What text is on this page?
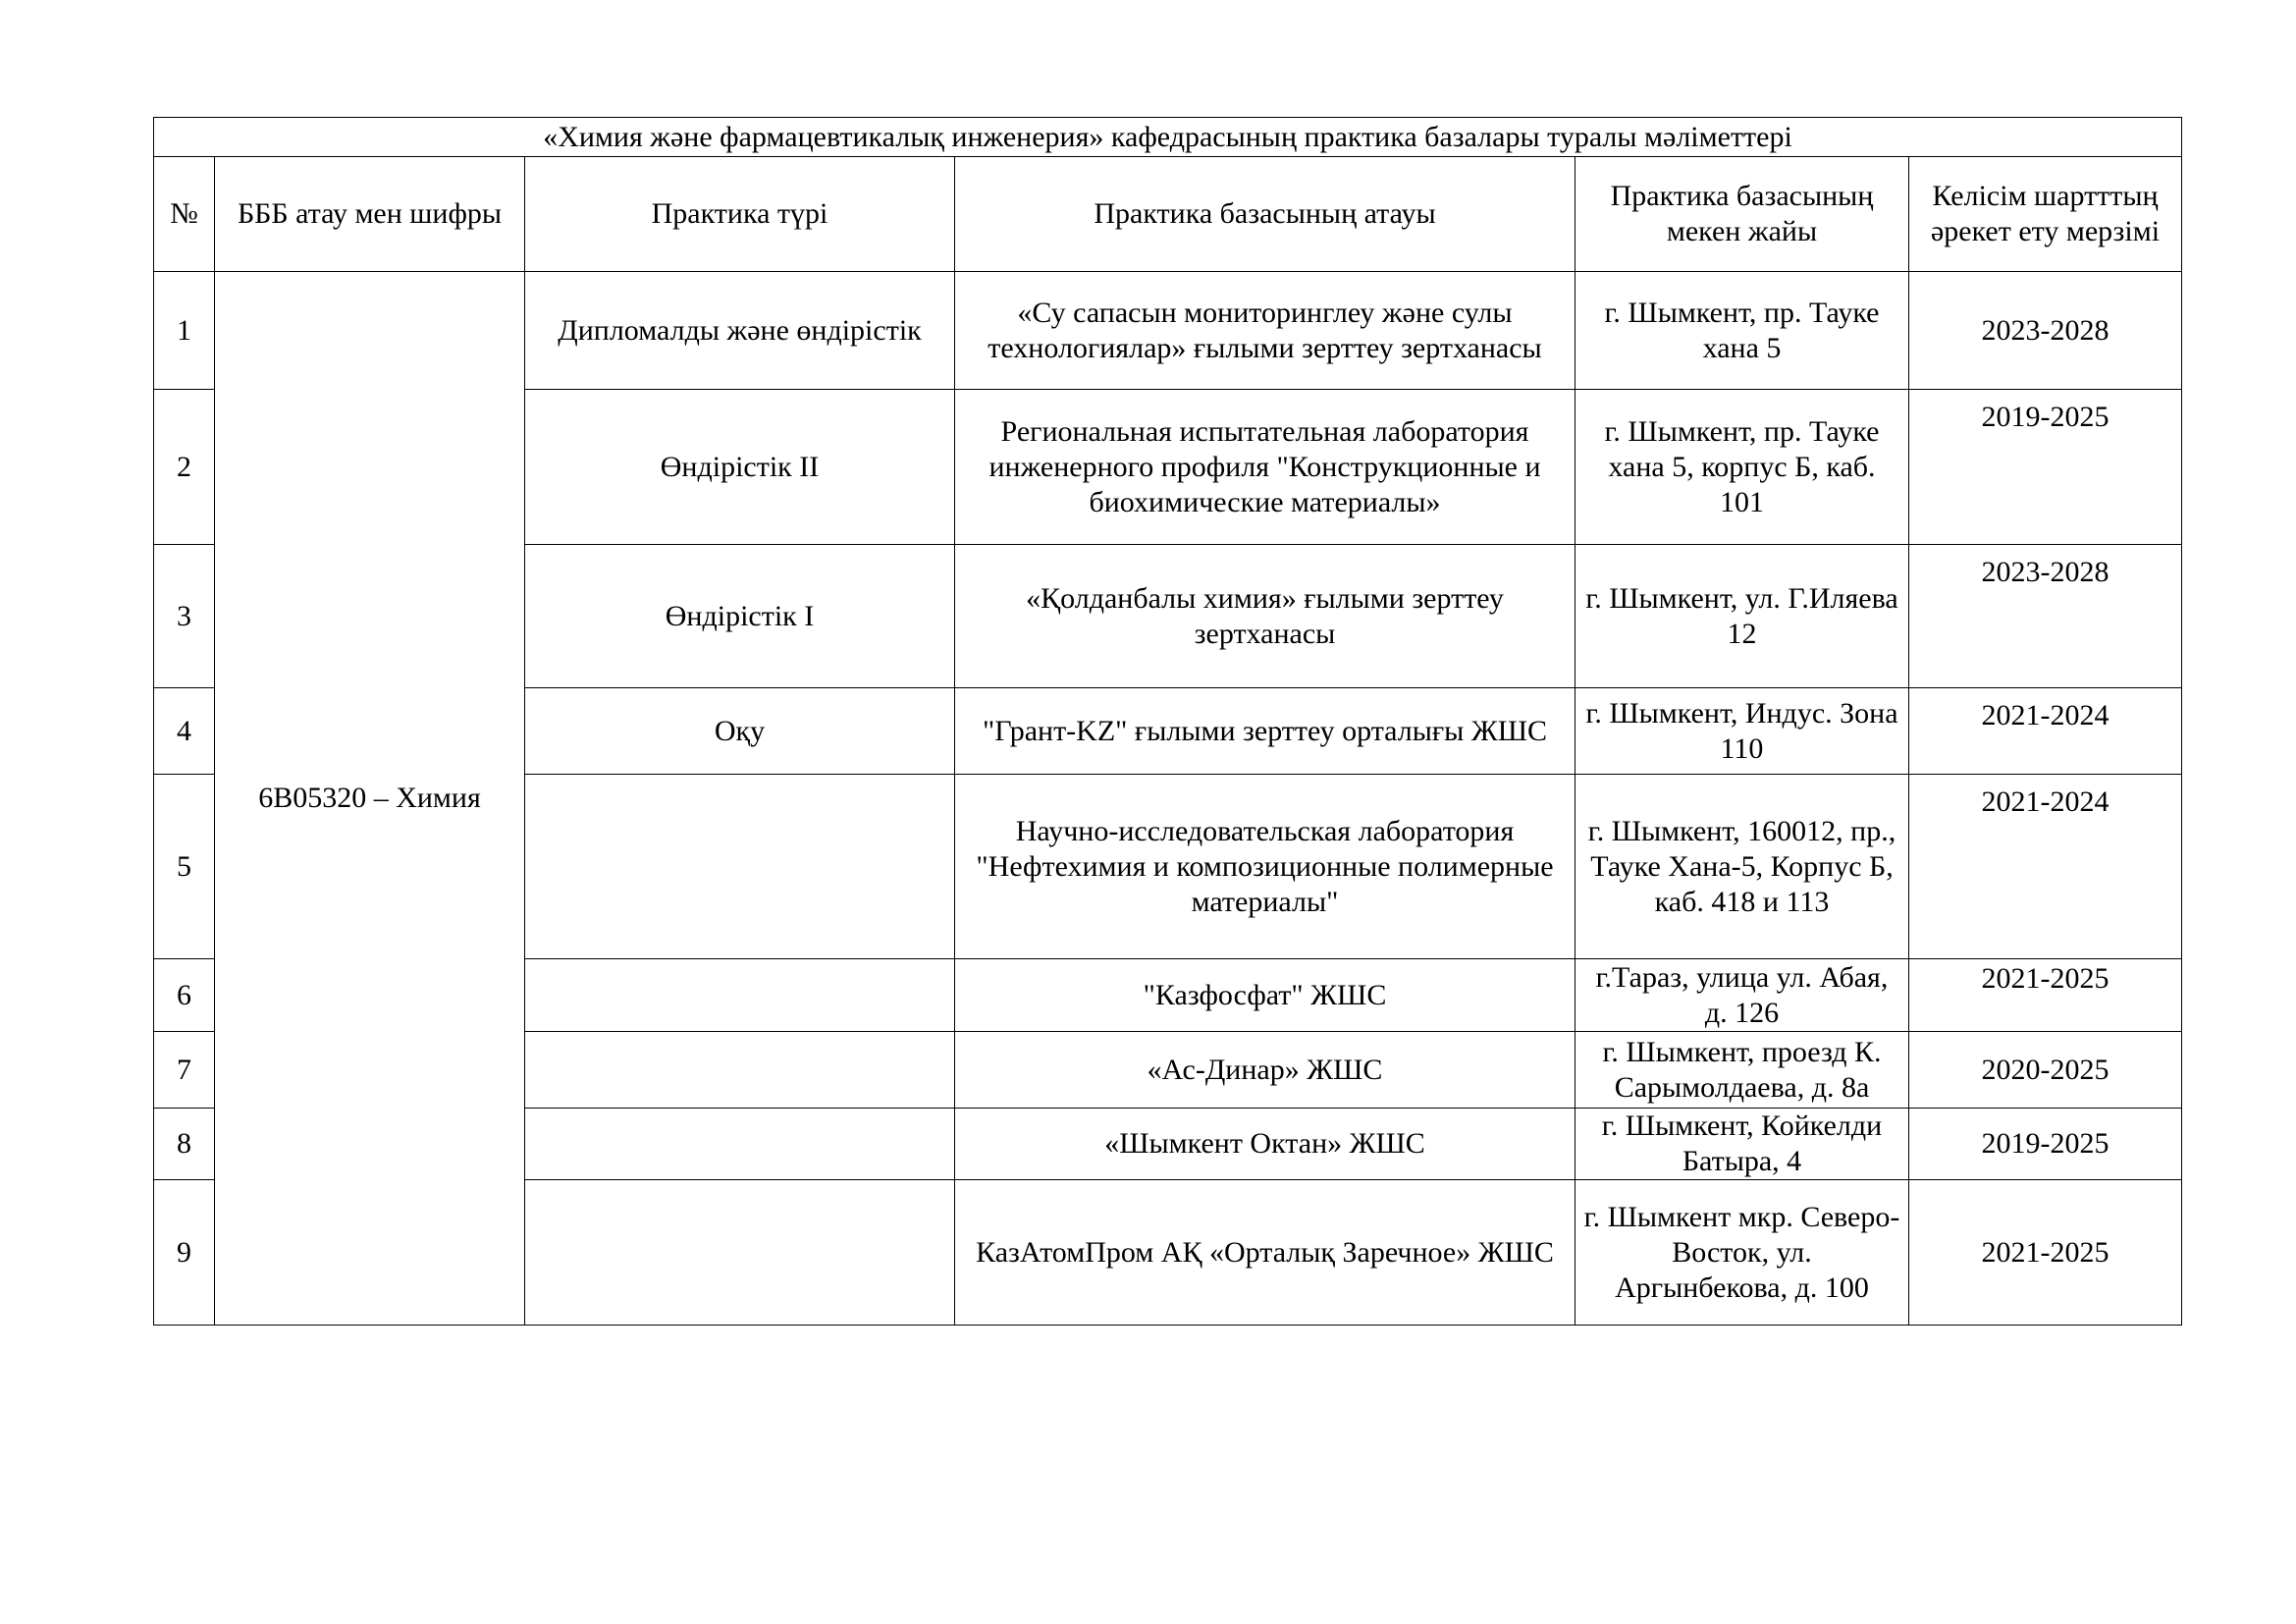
«Химия және фармацевтикалық инженерия» кафедрасының практика базалары туралы мәліметтері					
№	БББ атау мен шифры	Практика түрі	Практика базасының атауы	Практика базасының мекен жайы	Келісім шартттың әрекет ету мерзімі
1	6В05320 – Химия	Дипломалды және өндірістік	«Су сапасын мониторинглеу және сулы технологиялар» ғылыми зерттеу зертханасы	г. Шымкент, пр. Тауке хана 5	2023-2028
2		Өндірістік II	Региональная испытательная лаборатория инженерного профиля "Конструкционные и биохимические материалы»	г. Шымкент, пр. Тауке хана 5, корпус Б, каб. 101	2019-2025
3		Өндірістік I	«Қолданбалы химия» ғылыми зерттеу зертханасы	г. Шымкент, ул. Г.Иляева 12	2023-2028
4		Оқу	"Грант-KZ" ғылыми зерттеу орталығы ЖШС	г. Шымкент, Индус. Зона 110	2021-2024
5			Научно-исследовательская лаборатория "Нефтехимия и композиционные полимерные материалы"	г. Шымкент, 160012, пр., Тауке Хана-5, Корпус Б, каб. 418 и 113	2021-2024
6			"Казфосфат" ЖШС	г.Тараз, улица ул. Абая, д. 126	2021-2025
7			«Ас-Динар» ЖШС	г. Шымкент, проезд К. Сарымолдаева, д. 8а	2020-2025
8			«Шымкент Октан» ЖШС	г. Шымкент, Койкелди Батыра, 4	2019-2025
9			КазАтомПром АҚ «Орталық Заречное» ЖШС	г. Шымкент мкр. Северо-Восток, ул. Аргынбекова, д. 100	2021-2025
